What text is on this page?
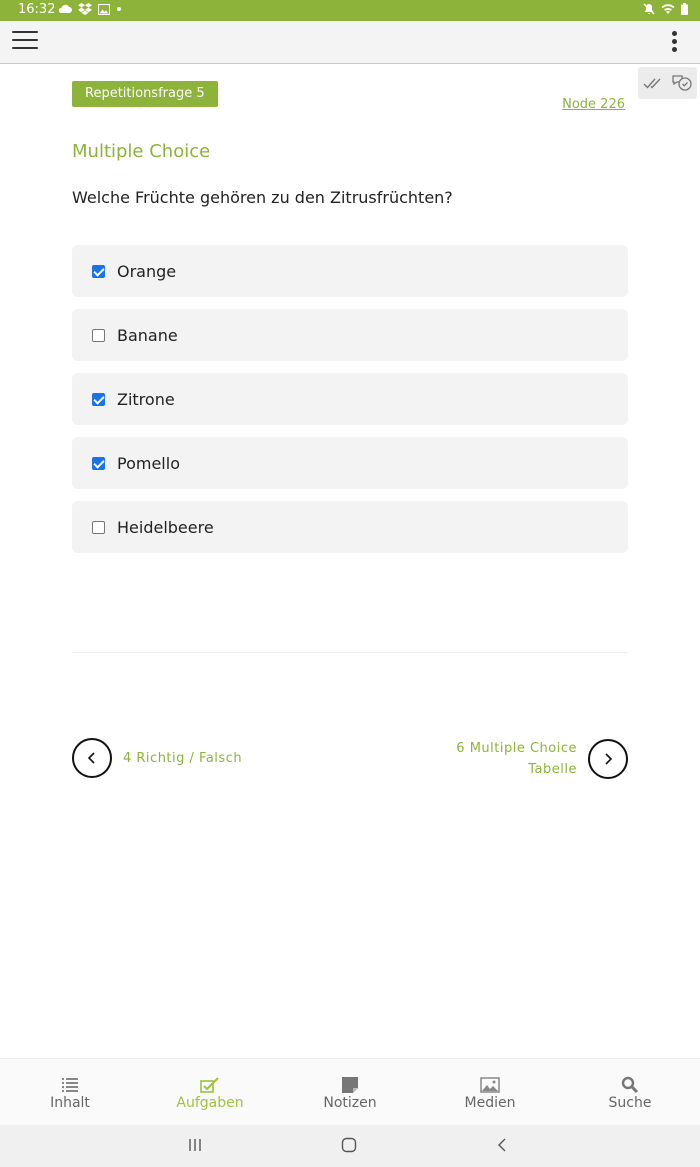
16:32
Repetitionsfrage 5
Node 226
Multiple Choice
Welche Früchte gehören zu den Zitrusfrüchten?
Orange
Banane
Zitrone
Pomello
Heidelbeere
4 Richtig / Falsch
6 Multiple Choice
Tabelle
Inhalt	Aufgaben	Notizen	Medien	Suche
